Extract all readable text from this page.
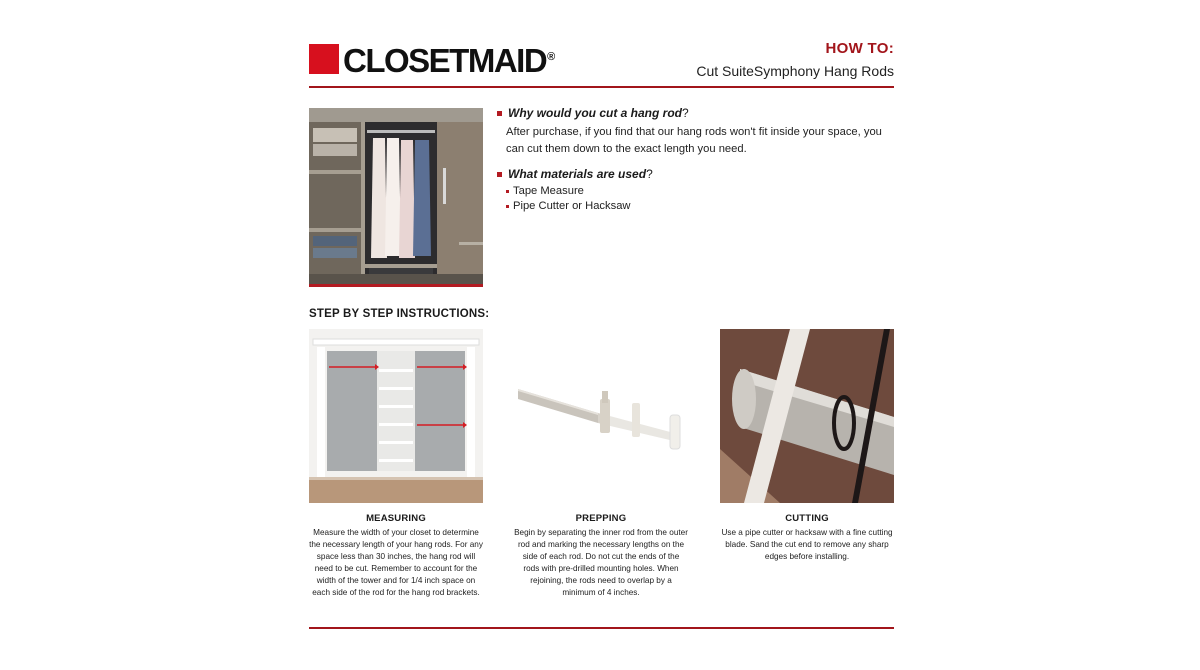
CLOSETMAID®	HOW TO:
Cut SuiteSymphony Hang Rods
Why would you cut a hang rod ?
After purchase, if you find that our hang rods won't fit inside your space, you can cut them down to the exact length you need.
What materials are used ?
Tape Measure
Pipe Cutter or Hacksaw
STEP BY STEP INSTRUCTIONS:
MEASURING
Measure the width of your closet to determine the necessary length of your hang rods. For any space less than 30 inches, the hang rod will need to be cut. Remember to account for the width of the tower and for 1/4 inch space on each side of the rod for the hang rod brackets.
PREPPING
Begin by separating the inner rod from the outer rod and marking the necessary lengths on the side of each rod. Do not cut the ends of the rods with pre-drilled mounting holes. When rejoining, the rods need to overlap by a minimum of 4 inches.
CUTTING
Use a pipe cutter or hacksaw with a fine cutting blade. Sand the cut end to remove any sharp edges before installing.
